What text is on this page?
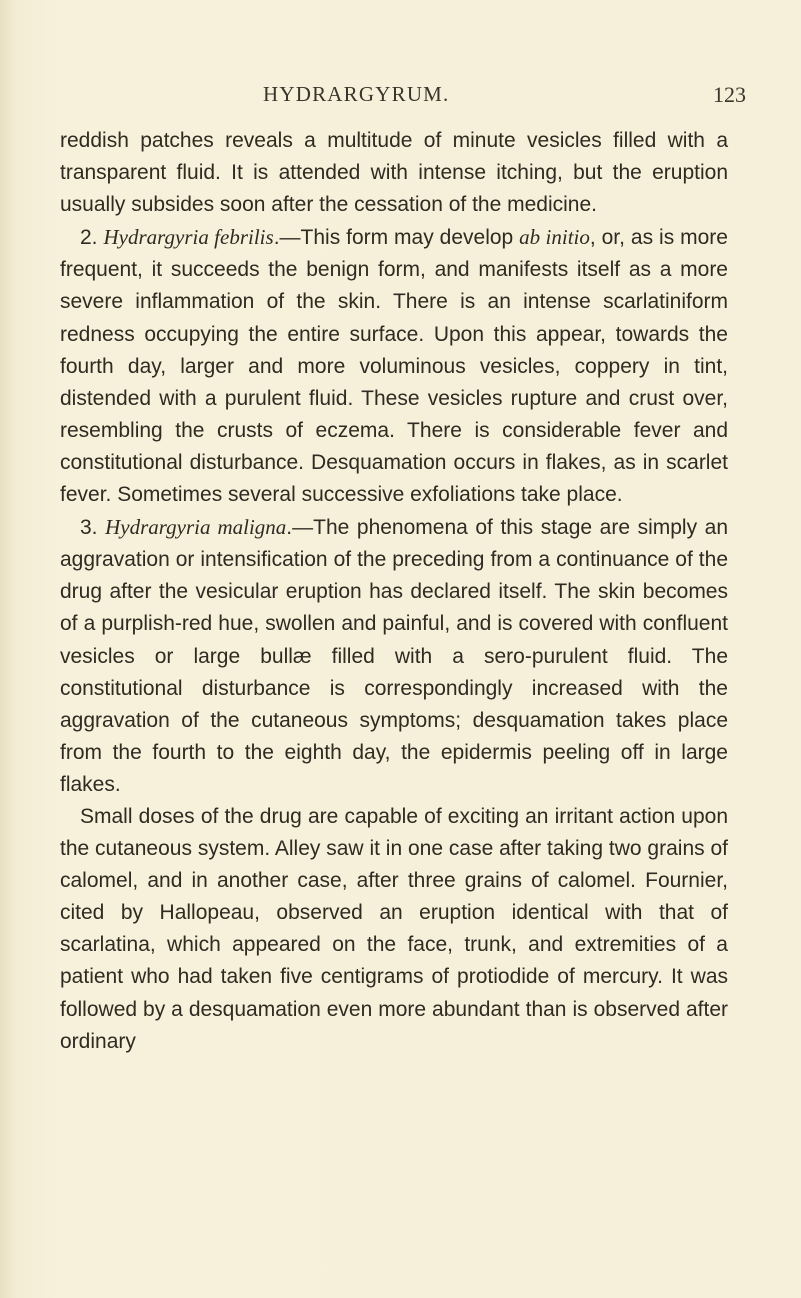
HYDRARGYRUM.	123

reddish patches reveals a multitude of minute vesicles filled with a transparent fluid. It is attended with intense itching, but the eruption usually subsides soon after the cessation of the medicine.

2. Hydrargyria febrilis.—This form may develop ab initio, or, as is more frequent, it succeeds the benign form, and manifests itself as a more severe inflammation of the skin. There is an intense scarlatiniform redness occupying the entire surface. Upon this appear, towards the fourth day, larger and more voluminous vesicles, coppery in tint, distended with a purulent fluid. These vesicles rupture and crust over, resembling the crusts of eczema. There is considerable fever and constitutional disturbance. Desquamation occurs in flakes, as in scarlet fever. Sometimes several successive exfoliations take place.

3. Hydrargyria maligna.—The phenomena of this stage are simply an aggravation or intensification of the preceding from a continuance of the drug after the vesicular eruption has declared itself. The skin becomes of a purplish-red hue, swollen and painful, and is covered with confluent vesicles or large bullæ filled with a sero-purulent fluid. The constitutional disturbance is correspondingly increased with the aggravation of the cutaneous symptoms; desquamation takes place from the fourth to the eighth day, the epidermis peeling off in large flakes.

Small doses of the drug are capable of exciting an irritant action upon the cutaneous system. Alley saw it in one case after taking two grains of calomel, and in another case, after three grains of calomel. Fournier, cited by Hallopeau, observed an eruption identical with that of scarlatina, which appeared on the face, trunk, and extremities of a patient who had taken five centigrams of protiodide of mercury. It was followed by a desquamation even more abundant than is observed after ordinary
